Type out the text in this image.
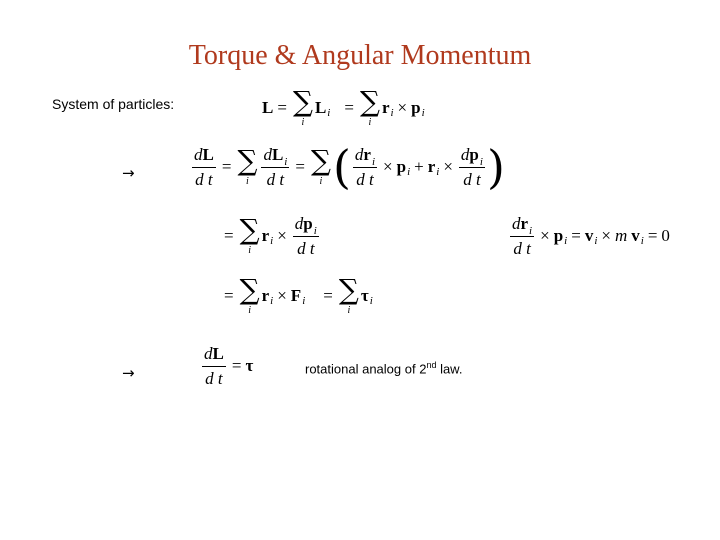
Torque & Angular Momentum
System of particles:	L = ∑
i
L i = ∑
i
r i × p i
→	$\frac{dL}{\text{d t}}$ = ∑
i $\frac{dL_i}{\text{d t}}$ = ∑
i ( $\frac{dr_i}{\text{d t}} \times p$ i + r $i \times \frac{dp_i}{\text{d t}}$ )
= ∑
i
r $i \times \frac{dp_i}{\text{d t}}$	$\frac{dr_i}{\text{d t}} \times p$ i = v i × m v i = 0
= ∑
i
r i × F i = ∑
i
τ i
→	$\frac{dL}{\text{d t}} = \tau$	rotational analog of 2nd law.
